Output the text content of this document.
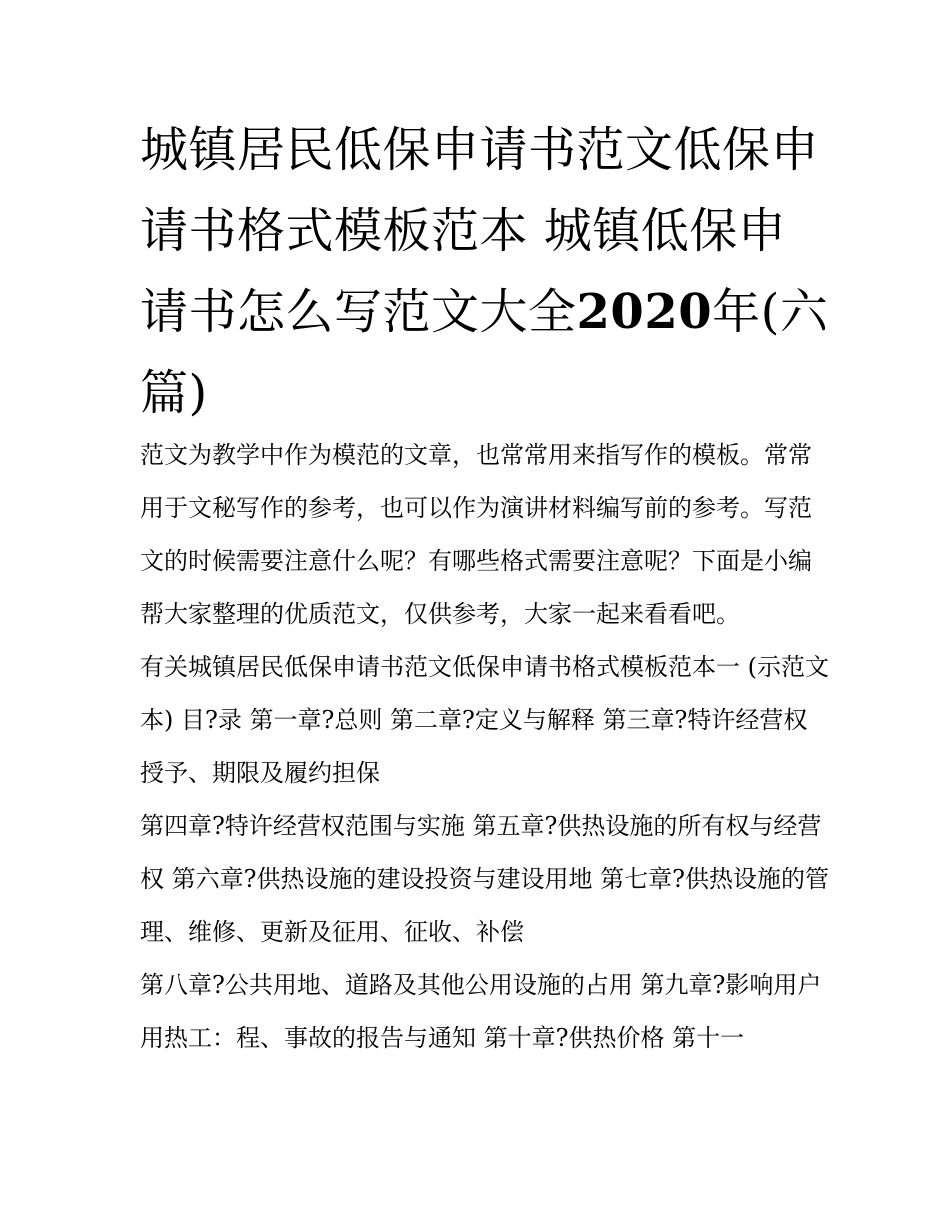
城镇居民低保申请书范文低保申请书格式模板范本 城镇低保申请书怎么写范文大全2020年(六篇)

范文为教学中作为模范的文章，也常常用来指写作的模板。常常用于文秘写作的参考，也可以作为演讲材料编写前的参考。写范文的时候需要注意什么呢？有哪些格式需要注意呢？下面是小编帮大家整理的优质范文，仅供参考，大家一起来看看吧。

有关城镇居民低保申请书范文低保申请书格式模板范本一 (示范文本) 目?录 第一章?总则 第二章?定义与解释 第三章?特许经营权授予、期限及履约担保

第四章?特许经营权范围与实施 第五章?供热设施的所有权与经营权 第六章?供热设施的建设投资与建设用地 第七章?供热设施的管理、维修、更新及征用、征收、补偿

第八章?公共用地、道路及其他公用设施的占用 第九章?影响用户用热工：程、事故的报告与通知 第十章?供热价格 第十一
